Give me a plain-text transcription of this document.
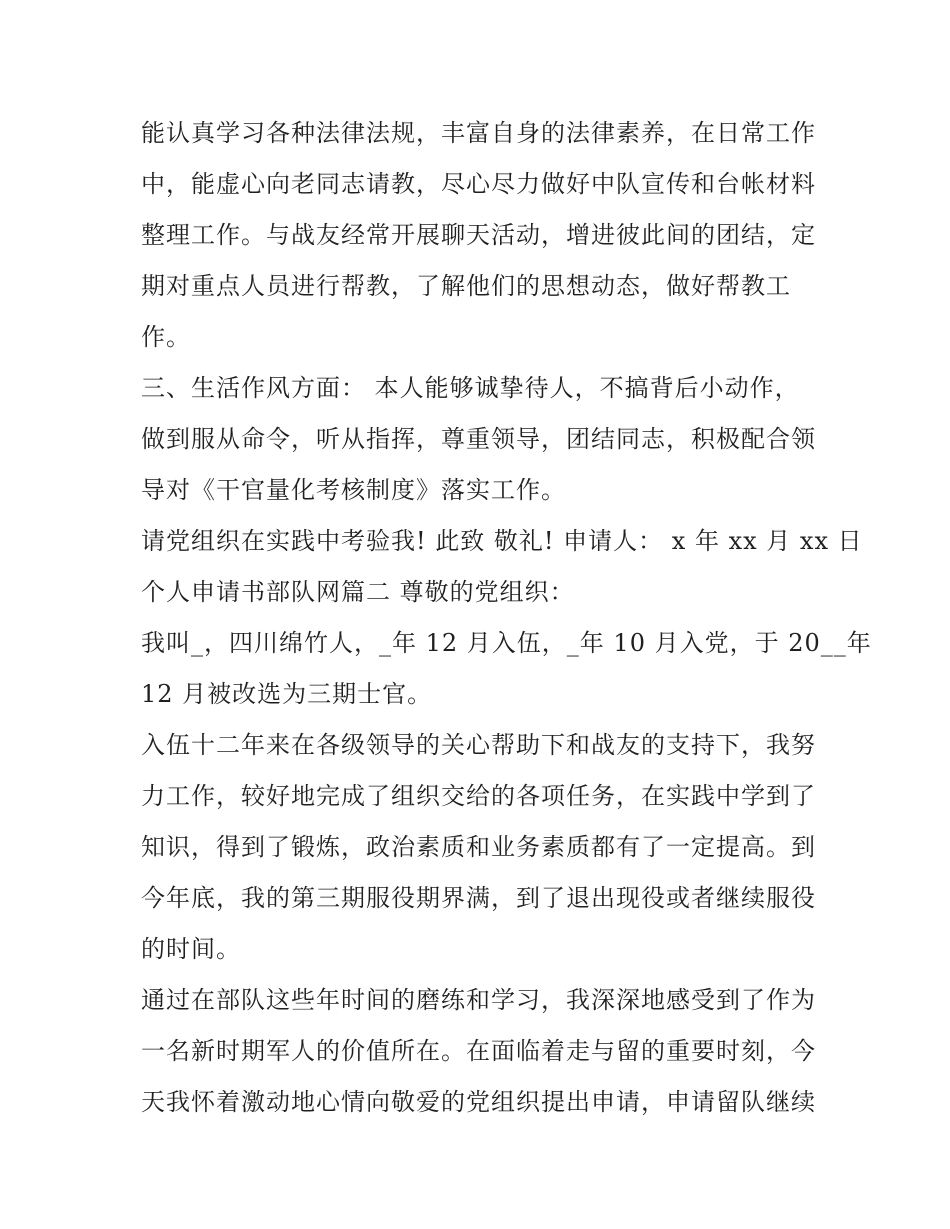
能认真学习各种法律法规，丰富自身的法律素养，在日常工作
中，能虚心向老同志请教，尽心尽力做好中队宣传和台帐材料
整理工作。与战友经常开展聊天活动，增进彼此间的团结，定
期对重点人员进行帮教，了解他们的思想动态，做好帮教工
作。
三、生活作风方面： 本人能够诚挚待人，不搞背后小动作，
做到服从命令，听从指挥，尊重领导，团结同志，积极配合领
导对《干官量化考核制度》落实工作。
请党组织在实践中考验我! 此致 敬礼! 申请人： x 年 xx 月 xx 日
个人申请书部队网篇二 尊敬的党组织：
我叫_，四川绵竹人，_年 12 月入伍，_年 10 月入党，于 20__年
12 月被改选为三期士官。
入伍十二年来在各级领导的关心帮助下和战友的支持下，我努
力工作，较好地完成了组织交给的各项任务，在实践中学到了
知识，得到了锻炼，政治素质和业务素质都有了一定提高。到
今年底，我的第三期服役期界满，到了退出现役或者继续服役
的时间。
通过在部队这些年时间的磨练和学习，我深深地感受到了作为
一名新时期军人的价值所在。在面临着走与留的重要时刻，今
天我怀着激动地心情向敬爱的党组织提出申请，申请留队继续
